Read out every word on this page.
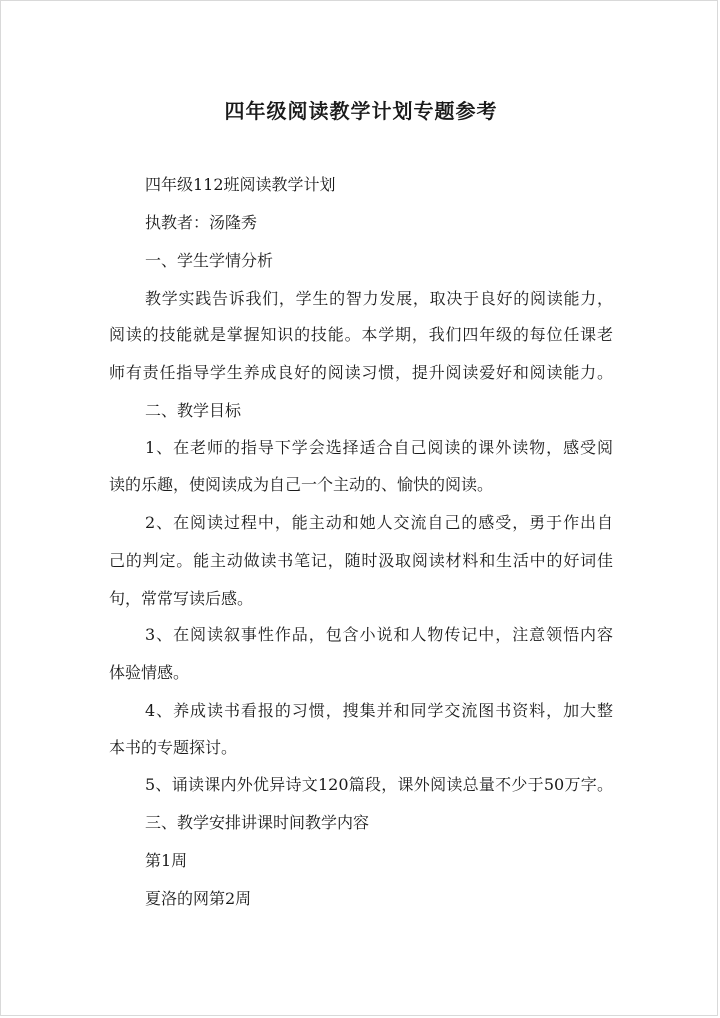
四年级阅读教学计划专题参考
四年级112班阅读教学计划
执教者：汤隆秀
一、学生学情分析
教学实践告诉我们，学生的智力发展，取决于良好的阅读能力，
阅读的技能就是掌握知识的技能。本学期，我们四年级的每位任课老
师有责任指导学生养成良好的阅读习惯，提升阅读爱好和阅读能力。
二、教学目标
1、在老师的指导下学会选择适合自己阅读的课外读物，感受阅
读的乐趣，使阅读成为自己一个主动的、愉快的阅读。
2、在阅读过程中，能主动和她人交流自己的感受，勇于作出自
己的判定。能主动做读书笔记，随时汲取阅读材料和生活中的好词佳
句，常常写读后感。
3、在阅读叙事性作品，包含小说和人物传记中，注意领悟内容
体验情感。
4、养成读书看报的习惯，搜集并和同学交流图书资料，加大整
本书的专题探讨。
5、诵读课内外优异诗文120篇段，课外阅读总量不少于50万字。
三、教学安排讲课时间教学内容
第1周
夏洛的网第2周
